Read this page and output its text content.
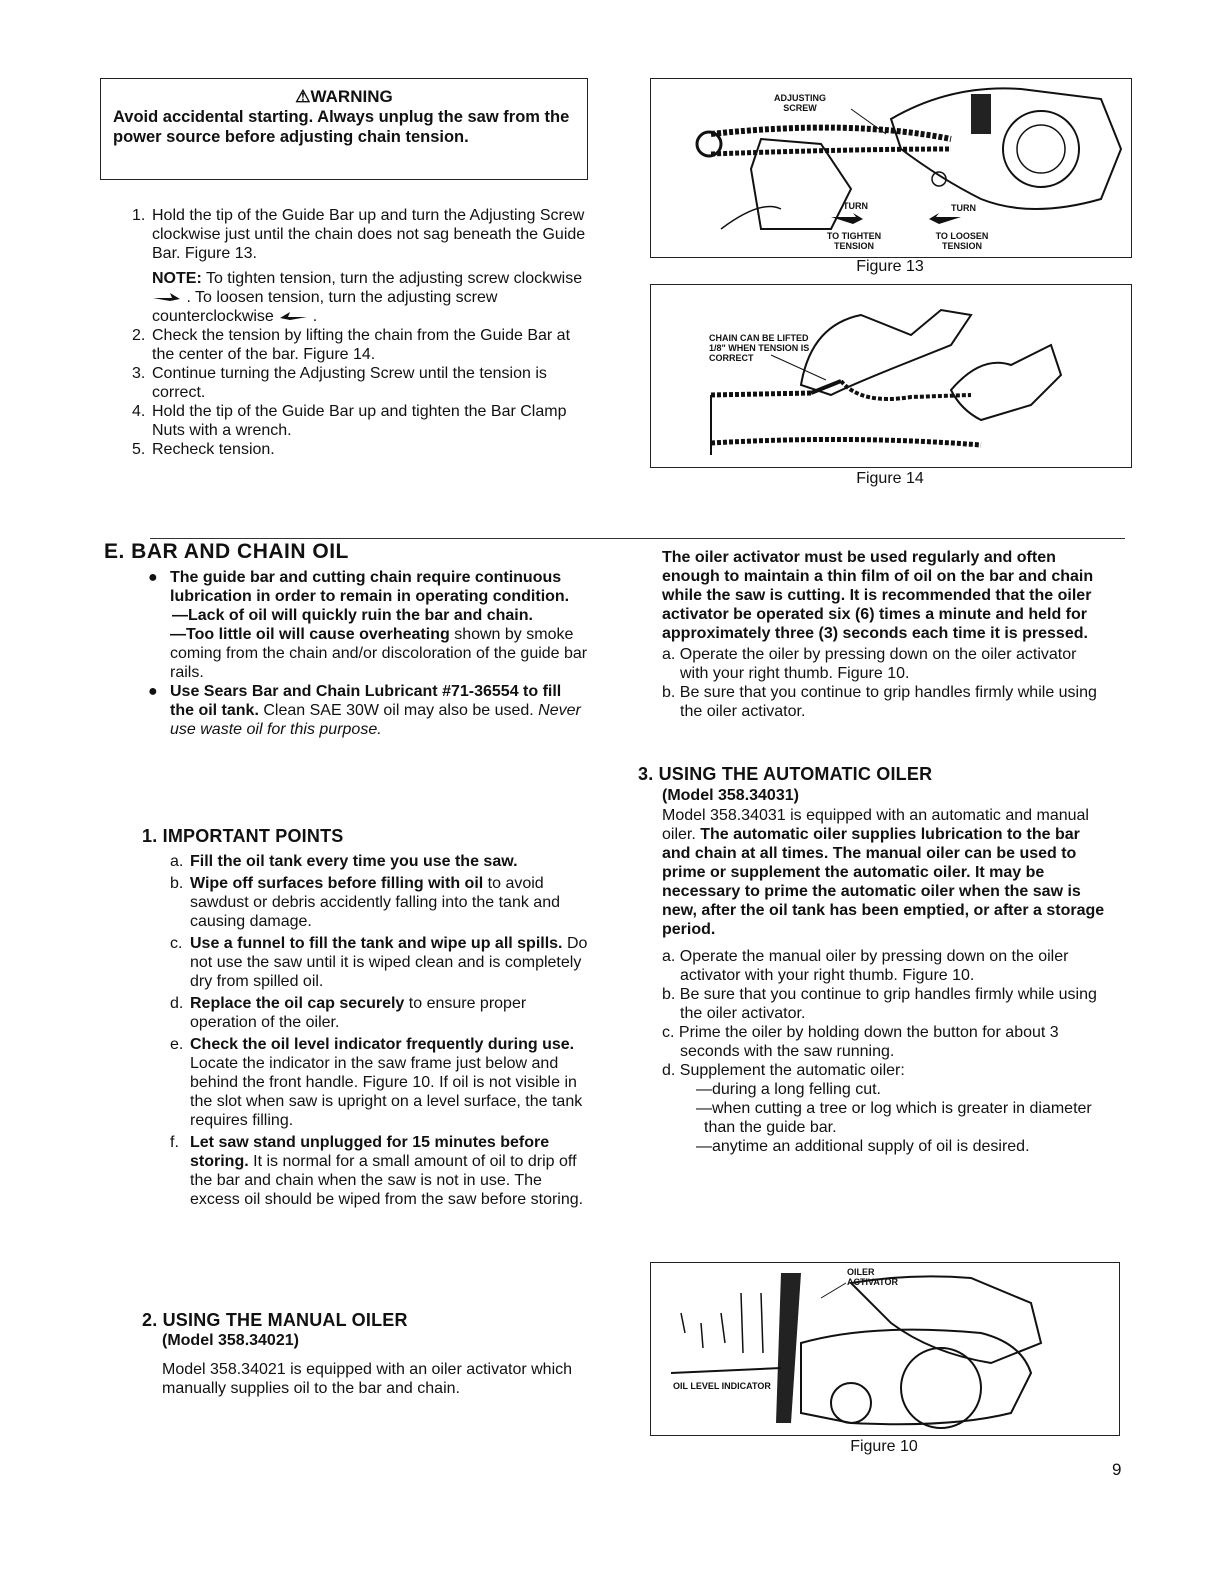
⚠WARNING
Avoid accidental starting. Always unplug the saw from the power source before adjusting chain tension.
1. Hold the tip of the Guide Bar up and turn the Adjusting Screw clockwise just until the chain does not sag beneath the Guide Bar. Figure 13.
NOTE: To tighten tension, turn the adjusting screw clockwise  . To loosen tension, turn the adjusting screw counterclockwise .
2. Check the tension by lifting the chain from the Guide Bar at the center of the bar. Figure 14.
3. Continue turning the Adjusting Screw until the tension is correct.
4. Hold the tip of the Guide Bar up and tighten the Bar Clamp Nuts with a wrench.
5. Recheck tension.
ADJUSTING SCREW
TURN	TURN
TO TIGHTEN TENSION
TO LOOSEN TENSION
Figure 13
CHAIN CAN BE LIFTED 1/8" WHEN TENSION IS CORRECT
Figure 14
E. BAR AND CHAIN OIL
● The guide bar and cutting chain require continuous lubrication in order to remain in operating condition.
—Lack of oil will quickly ruin the bar and chain.
—Too little oil will cause overheating shown by smoke coming from the chain and/or discoloration of the guide bar rails.
● Use Sears Bar and Chain Lubricant #71-36554 to fill the oil tank. Clean SAE 30W oil may also be used. Never use waste oil for this purpose.
1. IMPORTANT POINTS
a. Fill the oil tank every time you use the saw.
b. Wipe off surfaces before filling with oil to avoid sawdust or debris accidently falling into the tank and causing damage.
c. Use a funnel to fill the tank and wipe up all spills. Do not use the saw until it is wiped clean and is completely dry from spilled oil.
d. Replace the oil cap securely to ensure proper operation of the oiler.
e. Check the oil level indicator frequently during use. Locate the indicator in the saw frame just below and behind the front handle. Figure 10. If oil is not visible in the slot when saw is upright on a level surface, the tank requires filling.
f. Let saw stand unplugged for 15 minutes before storing. It is normal for a small amount of oil to drip off the bar and chain when the saw is not in use. The excess oil should be wiped from the saw before storing.
2. USING THE MANUAL OILER
(Model 358.34021)
Model 358.34021 is equipped with an oiler activator which manually supplies oil to the bar and chain.
The oiler activator must be used regularly and often enough to maintain a thin film of oil on the bar and chain while the saw is cutting. It is recommended that the oiler activator be operated six (6) times a minute and held for approximately three (3) seconds each time it is pressed.
a. Operate the oiler by pressing down on the oiler activator with your right thumb. Figure 10.
b. Be sure that you continue to grip handles firmly while using the oiler activator.
3. USING THE AUTOMATIC OILER
(Model 358.34031)
Model 358.34031 is equipped with an automatic and manual oiler. The automatic oiler supplies lubrication to the bar and chain at all times. The manual oiler can be used to prime or supplement the automatic oiler. It may be necessary to prime the automatic oiler when the saw is new, after the oil tank has been emptied, or after a storage period.
a. Operate the manual oiler by pressing down on the oiler activator with your right thumb. Figure 10.
b. Be sure that you continue to grip handles firmly while using the oiler activator.
c. Prime the oiler by holding down the button for about 3 seconds with the saw running.
d. Supplement the automatic oiler:
—during a long felling cut.
—when cutting a tree or log which is greater in diameter than the guide bar.
—anytime an additional supply of oil is desired.
OILER ACTIVATOR
OIL LEVEL INDICATOR
Figure 10
9
